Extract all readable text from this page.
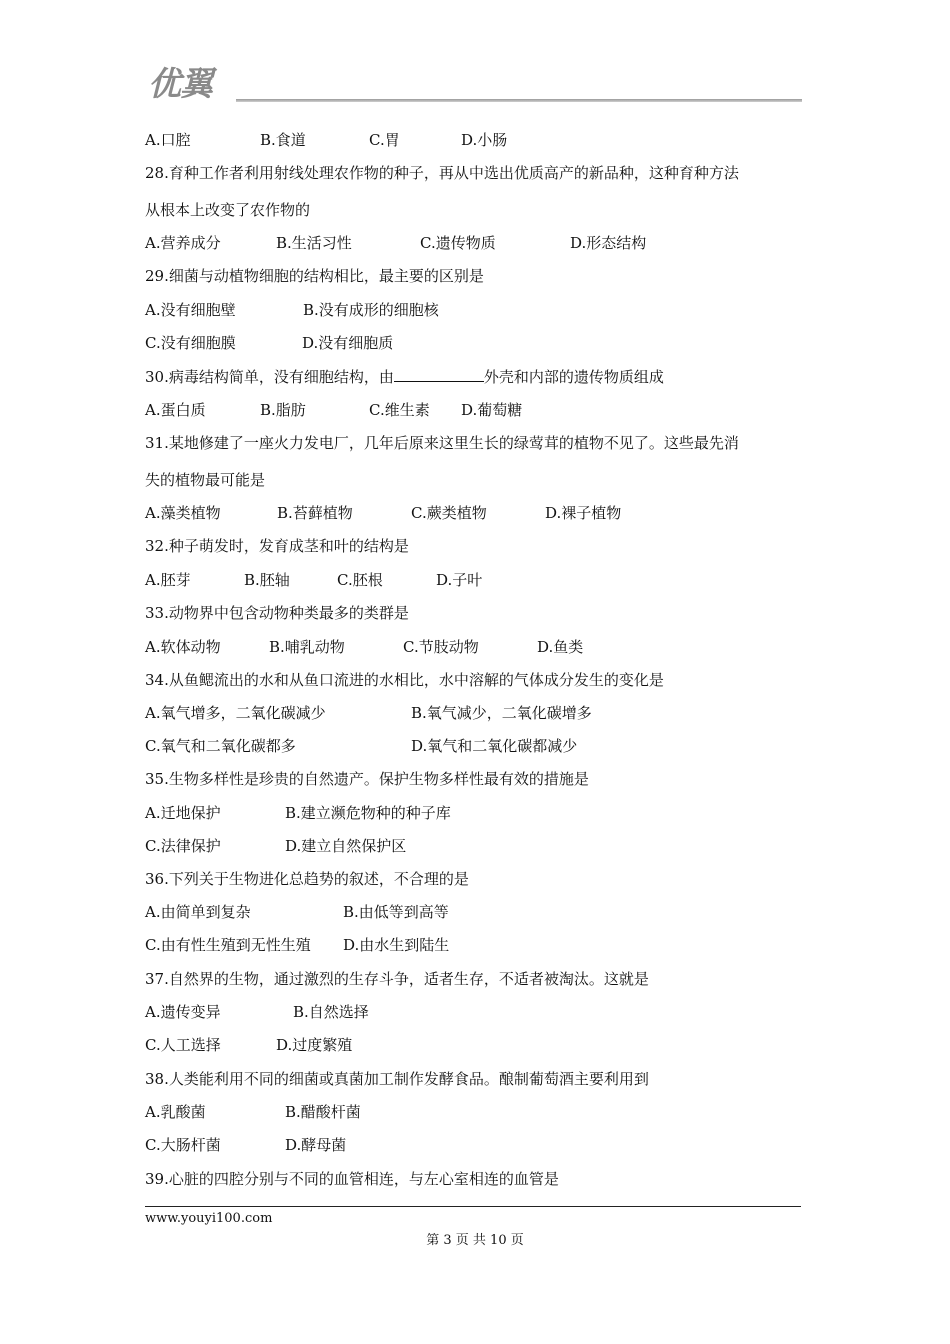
优翼
A.口腔	B.食道	C.胃	D.小肠
28.育种工作者利用射线处理农作物的种子，再从中选出优质高产的新品种，这种育种方法
从根本上改变了农作物的
A.营养成分	B.生活习性	C.遗传物质	D.形态结构
29.细菌与动植物细胞的结构相比，最主要的区别是
A.没有细胞壁	B.没有成形的细胞核
C.没有细胞膜	D.没有细胞质
30.病毒结构简单，没有细胞结构，由	外壳和内部的遗传物质组成
A.蛋白质	B.脂肪	C.维生素 D.葡萄糖
31.某地修建了一座火力发电厂，几年后原来这里生长的绿莺茸的植物不见了。这些最先消
失的植物最可能是
A.藻类植物	B.苔藓植物	C.蕨类植物	D.裸子植物
32.种子萌发时，发育成茎和叶的结构是
A.胚芽	B.胚轴	C.胚根	D.子叶
33.动物界中包含动物种类最多的类群是
A.软体动物	B.哺乳动物	C.节肢动物	D.鱼类
34.从鱼鳃流出的水和从鱼口流进的水相比，水中溶解的气体成分发生的变化是
A.氧气增多，二氧化碳减少	B.氧气减少，二氧化碳增多
C.氧气和二氧化碳都多	D.氧气和二氧化碳都减少
35.生物多样性是珍贵的自然遗产。保护生物多样性最有效的措施是
A.迁地保护	B.建立濒危物种的种子库
C.法律保护	D.建立自然保护区
36.下列关于生物进化总趋势的叙述，不合理的是
A.由简单到复杂	B.由低等到高等
C.由有性生殖到无性生殖 D.由水生到陆生
37.自然界的生物，通过激烈的生存斗争，适者生存，不适者被淘汰。这就是
A.遗传变异	B.自然选择
C.人工选择	D.过度繁殖
38.人类能利用不同的细菌或真菌加工制作发酵食品。酿制葡萄酒主要利用到
A.乳酸菌	B.醋酸杆菌
C.大肠杆菌	D.酵母菌
39.心脏的四腔分别与不同的血管相连，与左心室相连的血管是
www.youyi100.com
第 3 页 共 10 页
